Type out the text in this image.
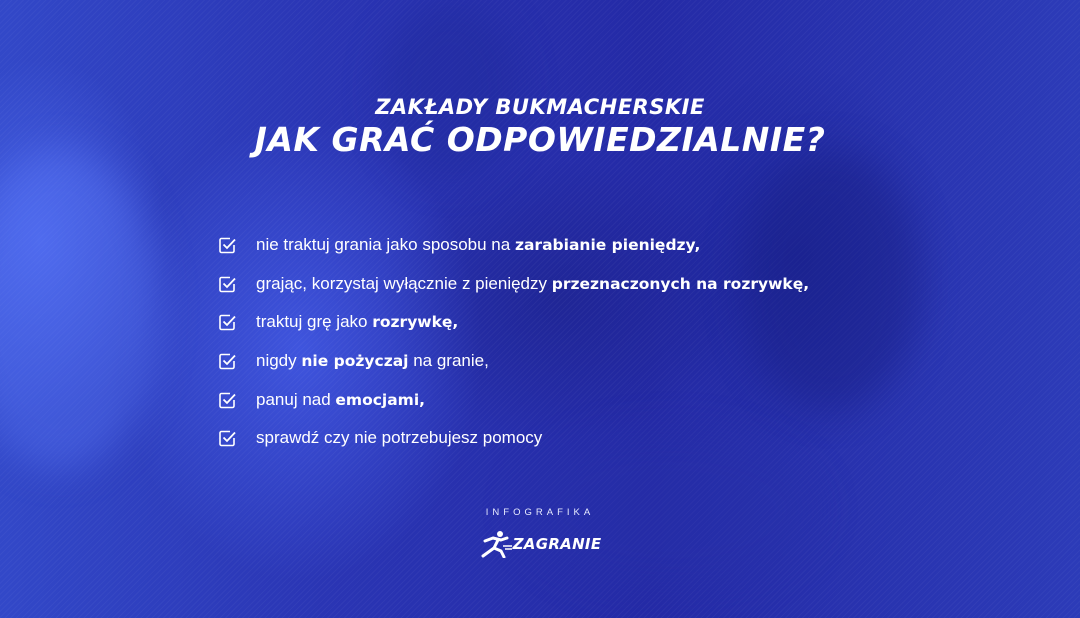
ZAKŁADY BUKMACHERSKIE
JAK GRAĆ ODPOWIEDZIALNIE?
nie traktuj grania jako sposobu na zarabianie pieniędzy,
grając, korzystaj wyłącznie z pieniędzy przeznaczonych na rozrywkę,
traktuj grę jako rozrywkę,
nigdy nie pożyczaj na granie,
panuj nad emocjami,
sprawdź czy nie potrzebujesz pomocy
INFOGRAFIKA
ZAGRANIE
